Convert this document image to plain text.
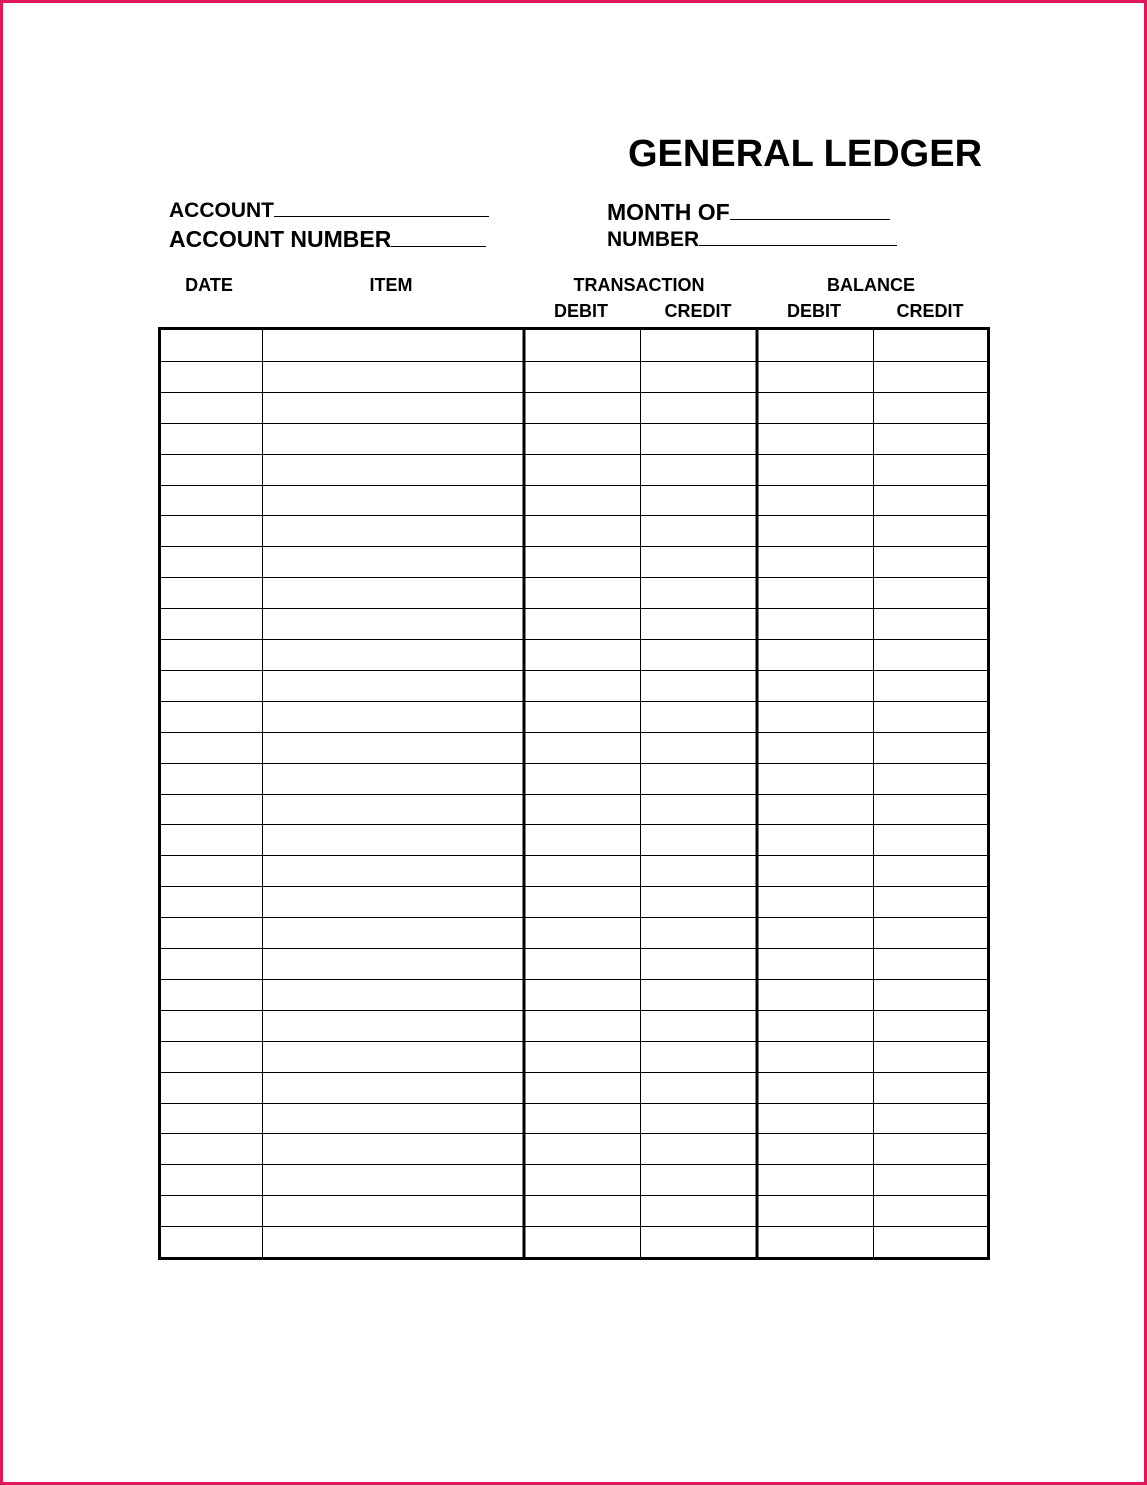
GENERAL LEDGER
ACCOUNT
ACCOUNT NUMBER
MONTH OF
NUMBER
DATE	ITEM	TRANSACTION	BALANCE
DEBIT	CREDIT	DEBIT	CREDIT
